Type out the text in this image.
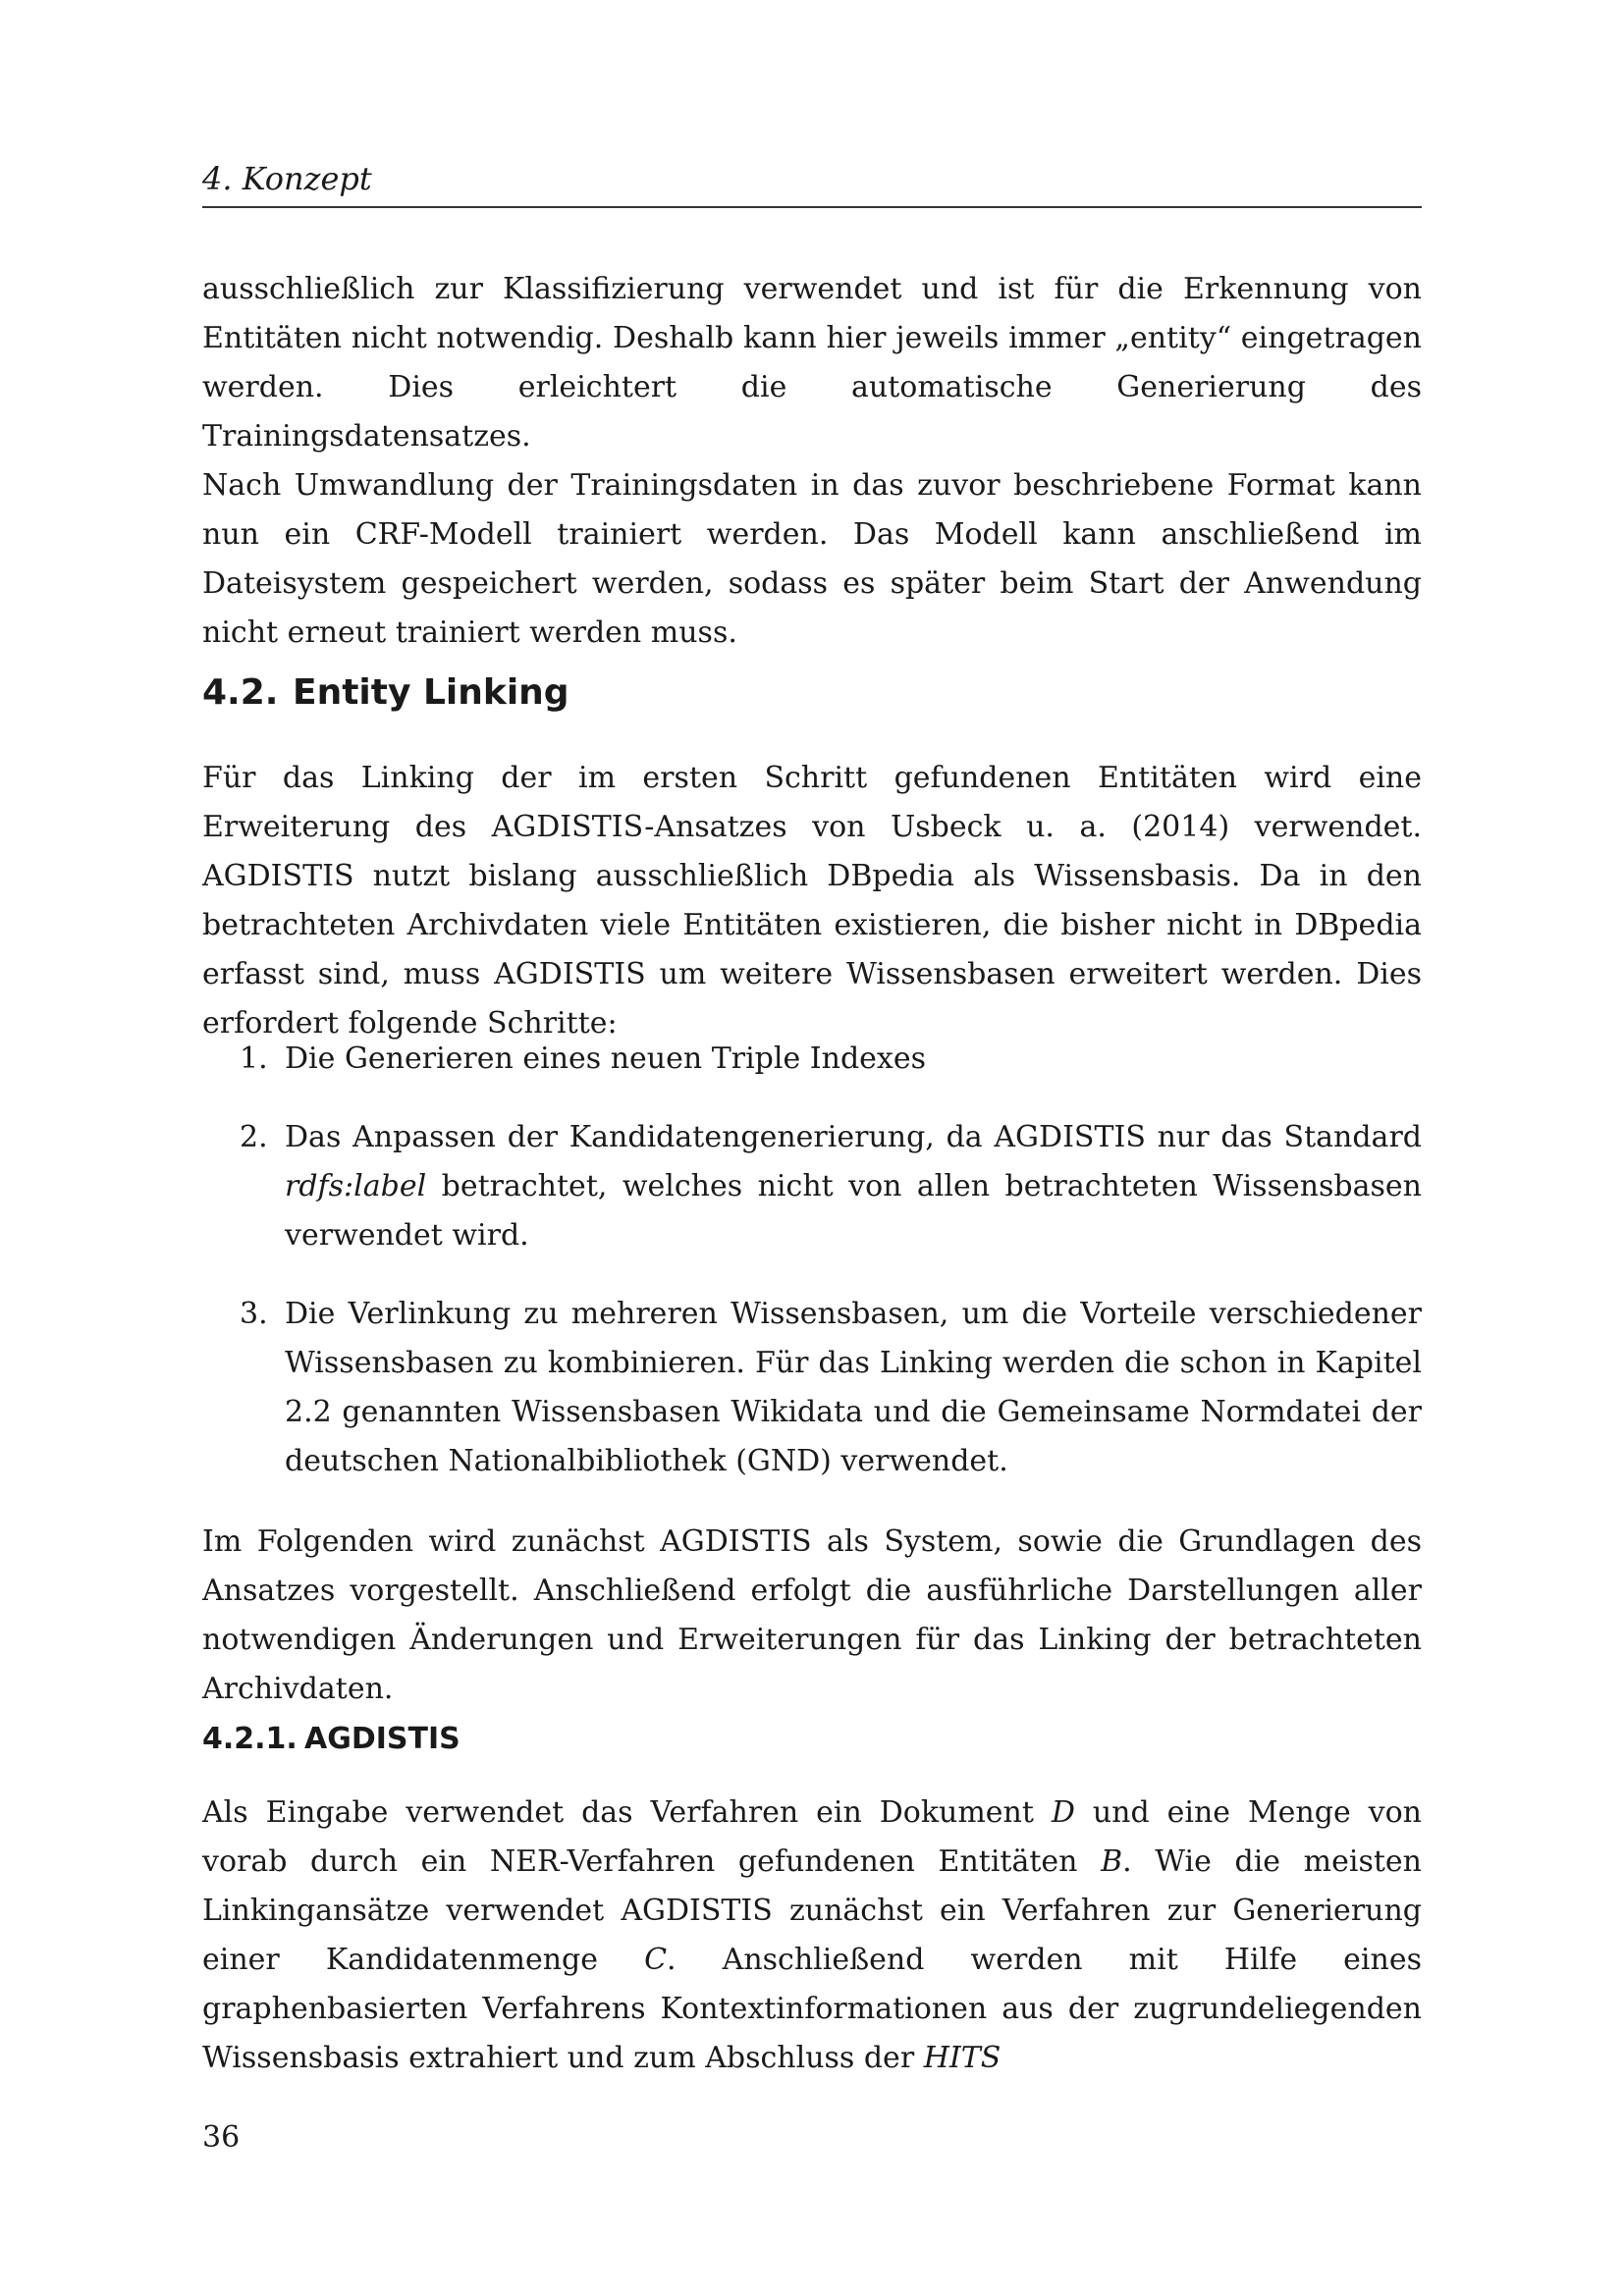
4. Konzept

ausschließlich zur Klassifizierung verwendet und ist für die Erkennung von Entitäten nicht notwendig. Deshalb kann hier jeweils immer „entity“ eingetragen werden. Dies erleichtert die automatische Generierung des Trainingsdatensatzes.

Nach Umwandlung der Trainingsdaten in das zuvor beschriebene Format kann nun ein CRF-Modell trainiert werden. Das Modell kann anschließend im Dateisystem gespeichert werden, sodass es später beim Start der Anwendung nicht erneut trainiert werden muss.

4.2. Entity Linking

Für das Linking der im ersten Schritt gefundenen Entitäten wird eine Erweiterung des AGDISTIS-Ansatzes von Usbeck u. a. (2014) verwendet. AGDISTIS nutzt bislang ausschließlich DBpedia als Wissensbasis. Da in den betrachteten Archivdaten viele Entitäten existieren, die bisher nicht in DBpedia erfasst sind, muss AGDISTIS um weitere Wissensbasen erweitert werden. Dies erfordert folgende Schritte:

1. Die Generieren eines neuen Triple Indexes
2. Das Anpassen der Kandidatengenerierung, da AGDISTIS nur das Standard rdfs:label betrachtet, welches nicht von allen betrachteten Wissensbasen verwendet wird.
3. Die Verlinkung zu mehreren Wissensbasen, um die Vorteile verschiedener Wissensbasen zu kombinieren. Für das Linking werden die schon in Kapitel 2.2 genannten Wissensbasen Wikidata und die Gemeinsame Normdatei der deutschen Nationalbibliothek (GND) verwendet.

Im Folgenden wird zunächst AGDISTIS als System, sowie die Grundlagen des Ansatzes vorgestellt. Anschließend erfolgt die ausführliche Darstellungen aller notwendigen Änderungen und Erweiterungen für das Linking der betrachteten Archivdaten.

4.2.1. AGDISTIS

Als Eingabe verwendet das Verfahren ein Dokument D und eine Menge von vorab durch ein NER-Verfahren gefundenen Entitäten B. Wie die meisten Linkingansätze verwendet AGDISTIS zunächst ein Verfahren zur Generierung einer Kandidatenmenge C. Anschließend werden mit Hilfe eines graphenbasierten Verfahrens Kontextinformationen aus der zugrundeliegenden Wissensbasis extrahiert und zum Abschluss der HITS

36
